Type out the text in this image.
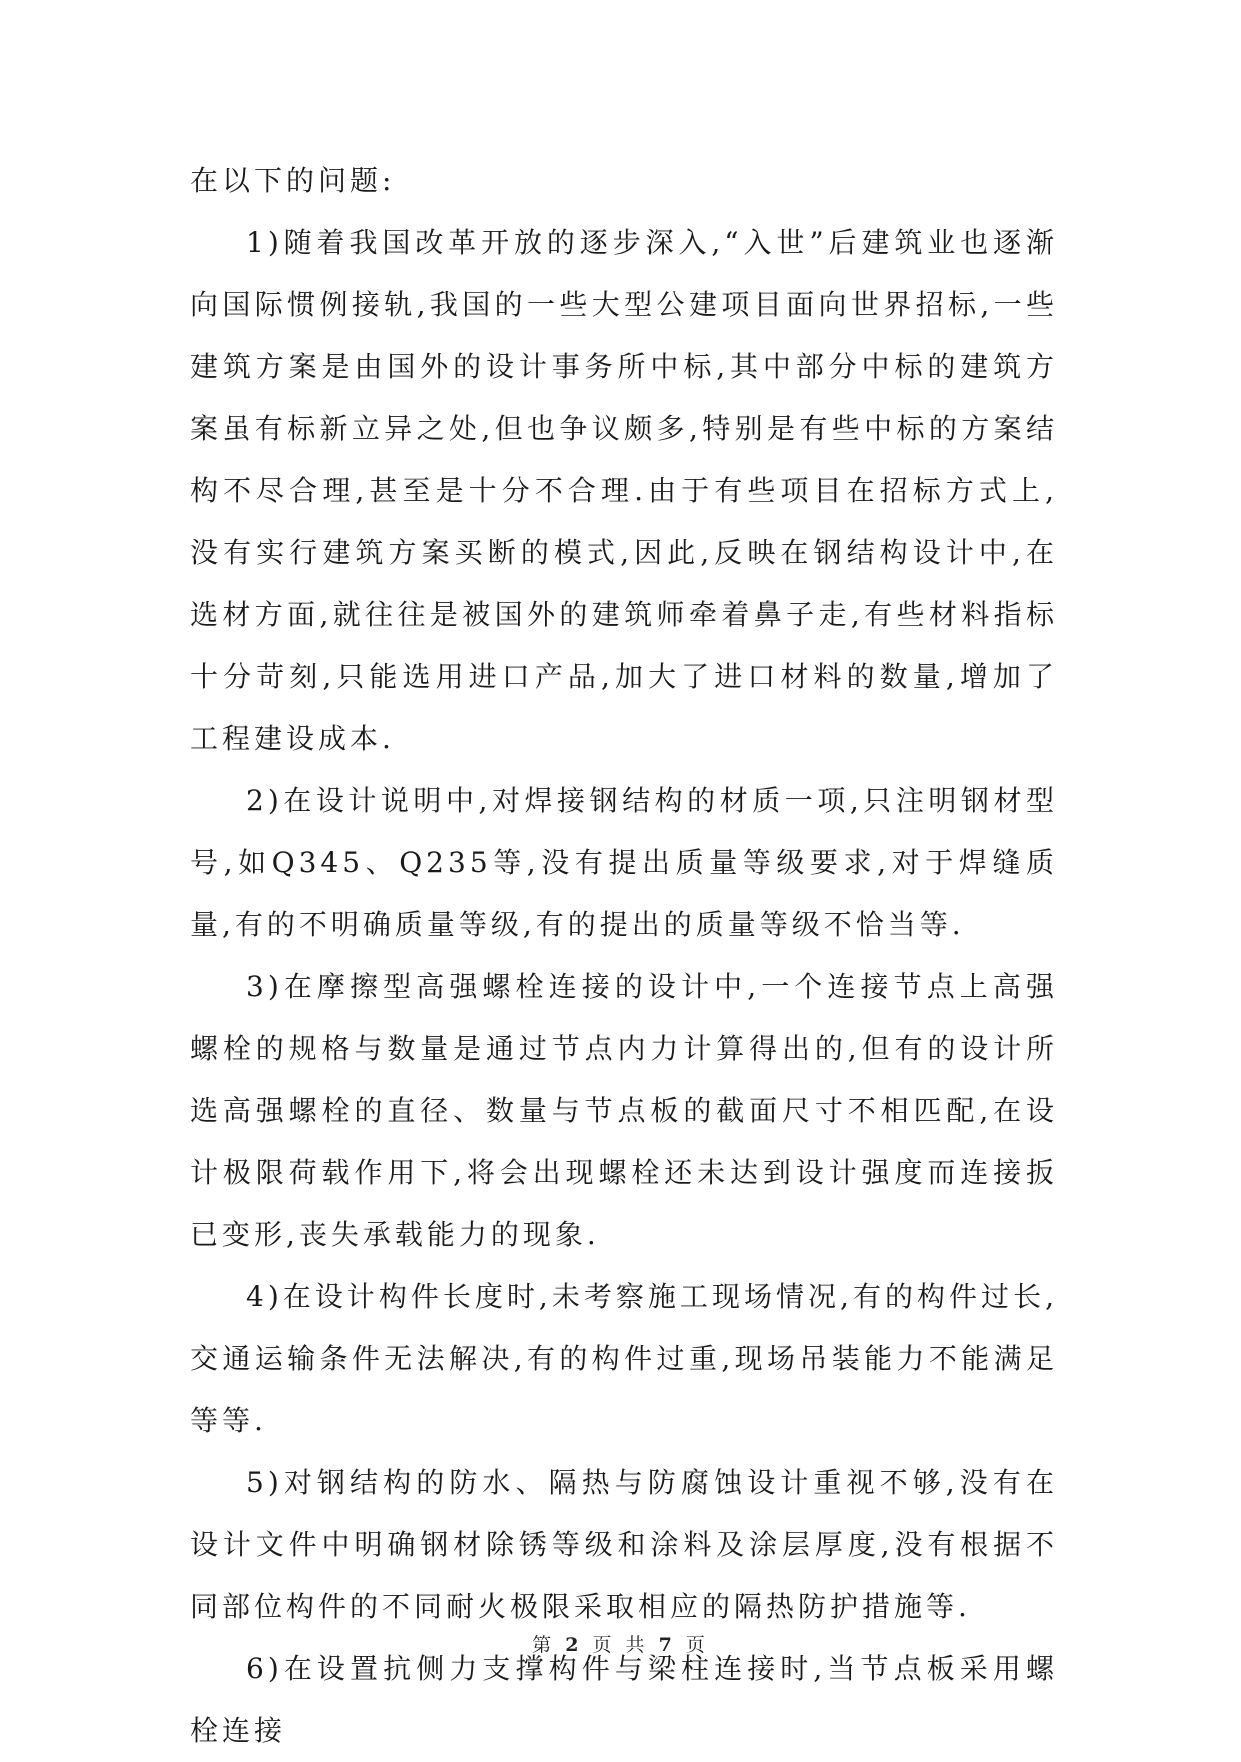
在以下的问题:

1)随着我国改革开放的逐步深入,“入世”后建筑业也逐渐向国际惯例接轨,我国的一些大型公建项目面向世界招标,一些建筑方案是由国外的设计事务所中标,其中部分中标的建筑方案虽有标新立异之处,但也争议颇多,特别是有些中标的方案结构不尽合理,甚至是十分不合理.由于有些项目在招标方式上,没有实行建筑方案买断的模式,因此,反映在钢结构设计中,在选材方面,就往往是被国外的建筑师牵着鼻子走,有些材料指标十分苛刻,只能选用进口产品,加大了进口材料的数量,增加了工程建设成本.

2)在设计说明中,对焊接钢结构的材质一项,只注明钢材型号,如Q345、Q235等,没有提出质量等级要求,对于焊缝质量,有的不明确质量等级,有的提出的质量等级不恰当等.

3)在摩擦型高强螺栓连接的设计中,一个连接节点上高强螺栓的规格与数量是通过节点内力计算得出的,但有的设计所选高强螺栓的直径、数量与节点板的截面尺寸不相匹配,在设计极限荷载作用下,将会出现螺栓还未达到设计强度而连接扳已变形,丧失承载能力的现象.

4)在设计构件长度时,未考察施工现场情况,有的构件过长,交通运输条件无法解决,有的构件过重,现场吊装能力不能满足等等.

5)对钢结构的防水、隔热与防腐蚀设计重视不够,没有在设计文件中明确钢材除锈等级和涂料及涂层厚度,没有根据不同部位构件的不同耐火极限采取相应的隔热防护措施等.

6)在设置抗侧力支撑构件与梁柱连接时,当节点板采用螺栓连接

第 2 页 共 7 页
